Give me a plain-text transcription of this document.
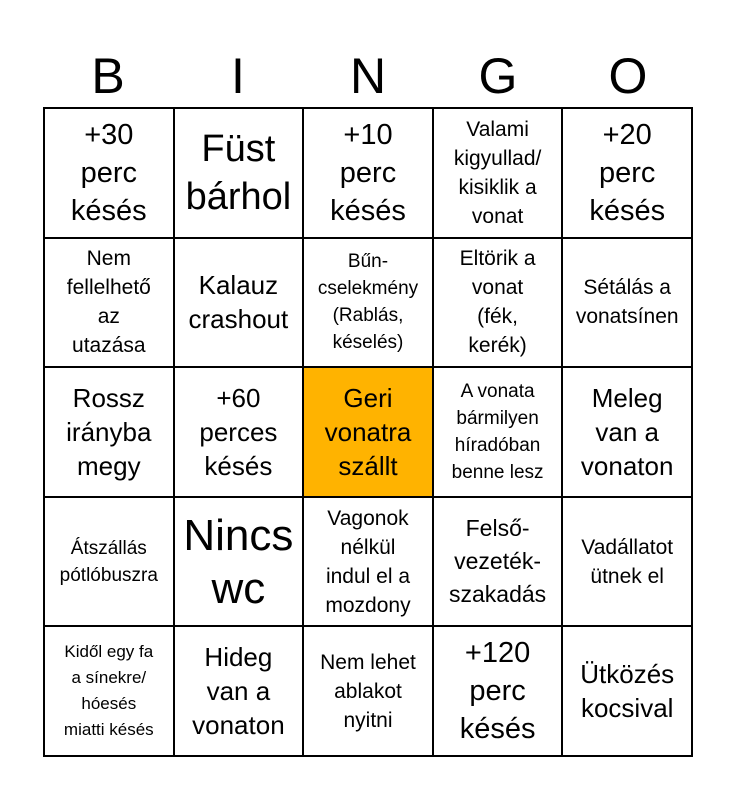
B	I	N	G	O
+30
perc
késés
Füst
bárhol
+10
perc
késés
Valami
kigyullad/
kisiklik a
vonat
+20
perc
késés
Nem
fellelhető
az
utazása
Kalauz
crashout
Bűn-
cselekmény
(Rablás,
késelés)
Eltörik a
vonat
(fék,
kerék)
Sétálás a
vonatsínen
Rossz
irányba
megy
+60
perces
késés
Geri
vonatra
szállt
A vonata
bármilyen
híradóban
benne lesz
Meleg
van a
vonaton
Átszállás
pótlóbuszra
Nincs
wc
Vagonok
nélkül
indul el a
mozdony
Felső-
vezeték-
szakadás
Vadállatot
ütnek el
Kidől egy fa
a sínekre/
hóesés
miatti késés
Hideg
van a
vonaton
Nem lehet
ablakot
nyitni
+120
perc
késés
Ütközés
kocsival
